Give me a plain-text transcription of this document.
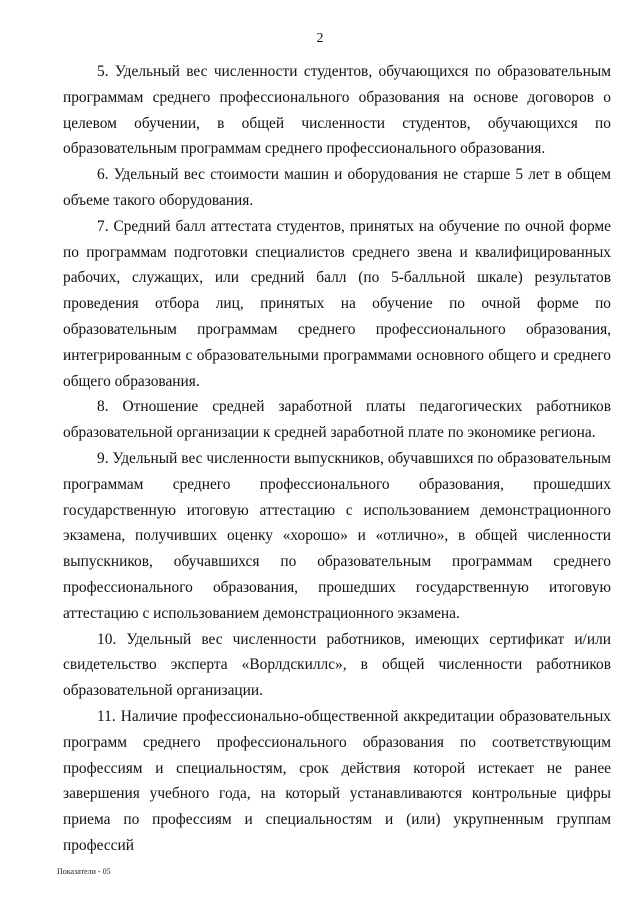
2

5. Удельный вес численности студентов, обучающихся по образовательным программам среднего профессионального образования на основе договоров о целевом обучении, в общей численности студентов, обучающихся по образовательным программам среднего профессионального образования.

6. Удельный вес стоимости машин и оборудования не старше 5 лет в общем объеме такого оборудования.

7. Средний балл аттестата студентов, принятых на обучение по очной форме по программам подготовки специалистов среднего звена и квалифицированных рабочих, служащих, или средний балл (по 5-балльной шкале) результатов проведения отбора лиц, принятых на обучение по очной форме по образовательным программам среднего профессионального образования, интегрированным с образовательными программами основного общего и среднего общего образования.

8. Отношение средней заработной платы педагогических работников образовательной организации к средней заработной плате по экономике региона.

9. Удельный вес численности выпускников, обучавшихся по образовательным программам среднего профессионального образования, прошедших государственную итоговую аттестацию с использованием демонстрационного экзамена, получивших оценку «хорошо» и «отлично», в общей численности выпускников, обучавшихся по образовательным программам среднего профессионального образования, прошедших государственную итоговую аттестацию с использованием демонстрационного экзамена.

10. Удельный вес численности работников, имеющих сертификат и/или свидетельство эксперта «Ворлдскиллс», в общей численности работников образовательной организации.

11. Наличие профессионально-общественной аккредитации образовательных программ среднего профессионального образования по соответствующим профессиям и специальностям, срок действия которой истекает не ранее завершения учебного года, на который устанавливаются контрольные цифры приема по профессиям и специальностям и (или) укрупненным группам профессий

Показатели - 05
